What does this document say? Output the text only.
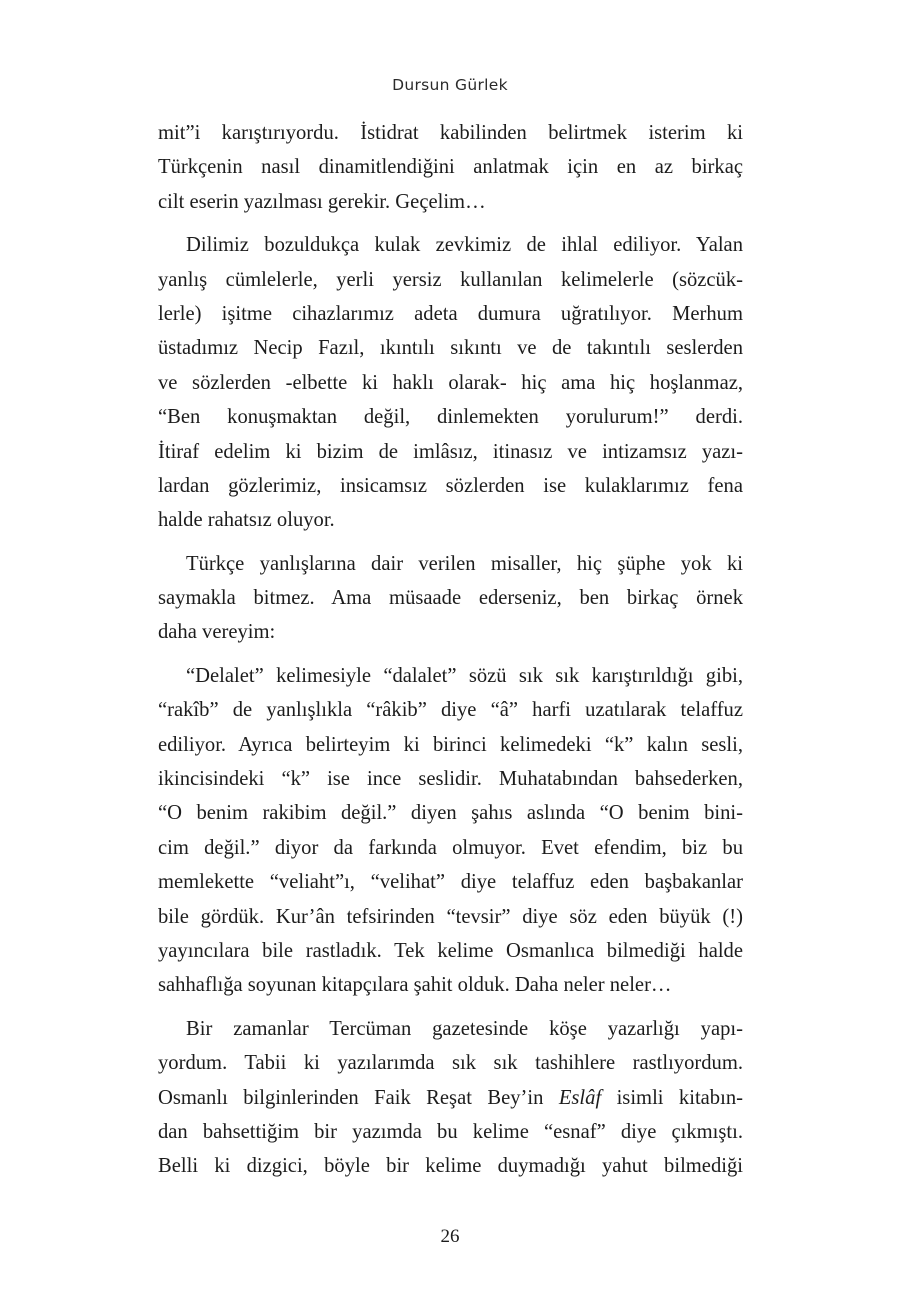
Dursun Gürlek
mit”i karıştırıyordu. İstidrat kabilinden belirtmek isterim ki
Türkçenin nasıl dinamitlendiğini anlatmak için en az birkaç
cilt eserin yazılması gerekir. Geçelim…
Dilimiz bozuldukça kulak zevkimiz de ihlal ediliyor. Yalan
yanlış cümlelerle, yerli yersiz kullanılan kelimelerle (sözcük-
lerle) işitme cihazlarımız adeta dumura uğratılıyor. Merhum
üstadımız Necip Fazıl, ıkıntılı sıkıntı ve de takıntılı seslerden
ve sözlerden -elbette ki haklı olarak- hiç ama hiç hoşlanmaz,
“Ben konuşmaktan değil, dinlemekten yorulurum!” derdi.
İtiraf edelim ki bizim de imlâsız, itinasız ve intizamsız yazı-
lardan gözlerimiz, insicamsız sözlerden ise kulaklarımız fena
halde rahatsız oluyor.
Türkçe yanlışlarına dair verilen misaller, hiç şüphe yok ki
saymakla bitmez. Ama müsaade ederseniz, ben birkaç örnek
daha vereyim:
“Delalet” kelimesiyle “dalalet” sözü sık sık karıştırıldığı gibi,
“rakîb” de yanlışlıkla “râkib” diye “â” harfi uzatılarak telaffuz
ediliyor. Ayrıca belirteyim ki birinci kelimedeki “k” kalın sesli,
ikincisindeki “k” ise ince seslidir. Muhatabından bahsederken,
“O benim rakibim değil.” diyen şahıs aslında “O benim bini-
cim değil.” diyor da farkında olmuyor. Evet efendim, biz bu
memlekette “veliaht”ı, “velihat” diye telaffuz eden başbakanlar
bile gördük. Kur’ân tefsirinden “tevsir” diye söz eden büyük (!)
yayıncılara bile rastladık. Tek kelime Osmanlıca bilmediği halde
sahhaflığa soyunan kitapçılara şahit olduk. Daha neler neler…
Bir zamanlar Tercüman gazetesinde köşe yazarlığı yapı-
yordum. Tabii ki yazılarımda sık sık tashihlere rastlıyordum.
Osmanlı bilginlerinden Faik Reşat Bey’in Eslâf isimli kitabın-
dan bahsettiğim bir yazımda bu kelime “esnaf” diye çıkmıştı.
Belli ki dizgici, böyle bir kelime duymadığı yahut bilmediği
26
